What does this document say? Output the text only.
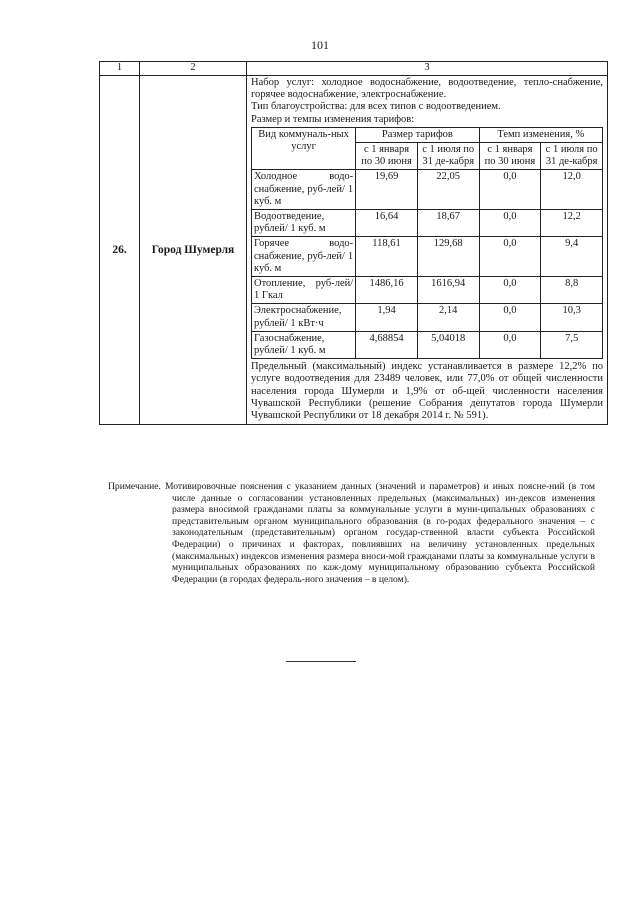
101
1	2	3
26.	Город Шумерля	
Набор услуг: холодное водоснабжение, водоотведение, тепло-снабжение, горячее водоснабжение, электроснабжение.
Тип благоустройства: для всех типов с водоотведением.
Размер и темпы изменения тарифов:
Вид коммуналь-ных услуг	Размер тарифов	Темп изменения, %
с 1 января по 30 июня	с 1 июля по 31 де-кабря	с 1 января по 30 июня	с 1 июля по 31 де-кабря
Холодное водо-снабжение, руб-лей/ 1 куб. м	19,69	22,05	0,0	12,0
Водоотведение, рублей/ 1 куб. м	16,64	18,67	0,0	12,2
Горячее водо-снабжение, руб-лей/ 1 куб. м	118,61	129,68	0,0	9,4
Отопление, руб-лей/ 1 Гкал	1486,16	1616,94	0,0	8,8
Электроснабжение, рублей/ 1 кВт·ч	1,94	2,14	0,0	10,3
Газоснабжение, рублей/ 1 куб. м	4,68854	5,04018	0,0	7,5
Предельный (максимальный) индекс устанавливается в размере 12,2% по услуге водоотведения для 23489 человек, или 77,0% от общей численности населения города Шумерли и 1,9% от об-щей численности населения Чувашской Республики (решение Собрания депутатов города Шумерли Чувашской Республики от 18 декабря 2014 г. № 591).
Примечание. Мотивировочные пояснения с указанием данных (значений и параметров) и иных поясне-ний (в том числе данные о согласовании установленных предельных (максимальных) ин-дексов изменения размера вносимой гражданами платы за коммунальные услуги в муни-ципальных образованиях с представительным органом муниципального образования (в го-родах федерального значения – с законодательным (представительным) органом государ-ственной власти субъекта Российской Федерации) о причинах и факторах, повлиявших на величину установленных предельных (максимальных) индексов изменения размера вноси-мой гражданами платы за коммунальные услуги в муниципальных образованиях по каж-дому муниципальному образованию субъекта Российской Федерации (в городах федераль-ного значения – в целом).
